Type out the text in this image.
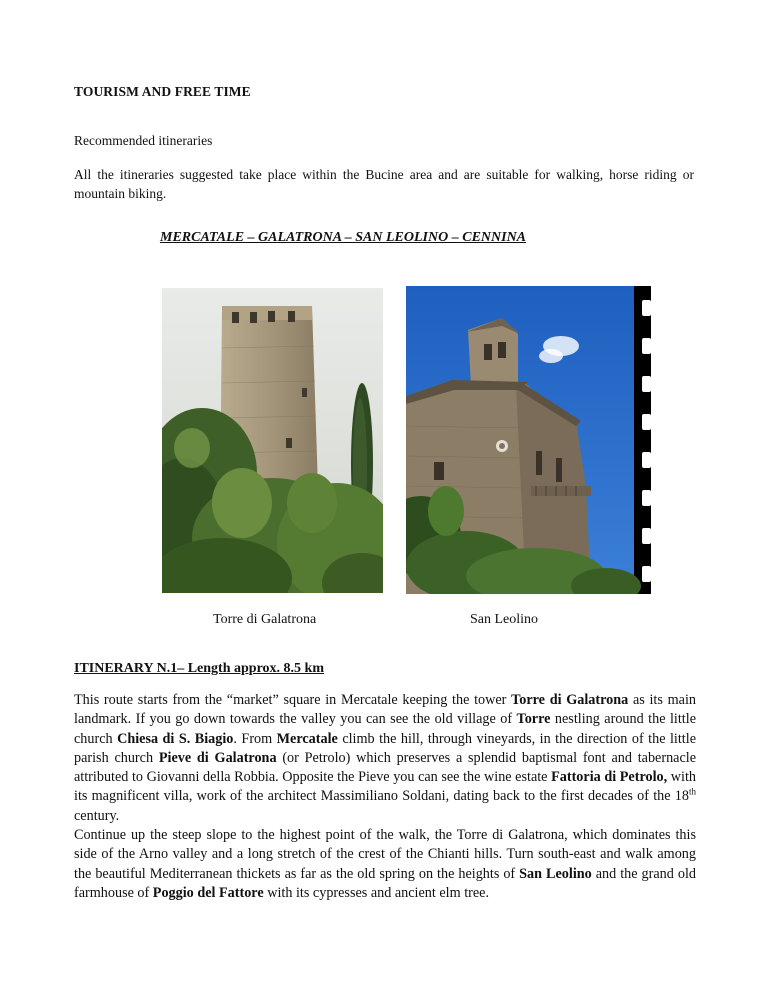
TOURISM AND FREE TIME
Recommended itineraries
All the itineraries suggested take place within the Bucine area and are suitable for walking, horse riding or mountain biking.
MERCATALE – GALATRONA – SAN LEOLINO – CENNINA
Torre di Galatrona	San Leolino
ITINERARY N.1– Length approx. 8.5 km
This route starts from the “market” square in Mercatale keeping the tower Torre di Galatrona as its main landmark. If you go down towards the valley you can see the old village of Torre nestling around the little church Chiesa di S. Biagio. From Mercatale climb the hill, through vineyards, in the direction of the little parish church Pieve di Galatrona (or Petrolo) which preserves a splendid baptismal font and tabernacle attributed to Giovanni della Robbia. Opposite the Pieve you can see the wine estate Fattoria di Petrolo, with its magnificent villa, work of the architect Massimiliano Soldani, dating back to the first decades of the 18th century.
Continue up the steep slope to the highest point of the walk, the Torre di Galatrona, which dominates this side of the Arno valley and a long stretch of the crest of the Chianti hills. Turn south-east and walk among the beautiful Mediterranean thickets as far as the old spring on the heights of San Leolino and the grand old farmhouse of Poggio del Fattore with its cypresses and ancient elm tree.
